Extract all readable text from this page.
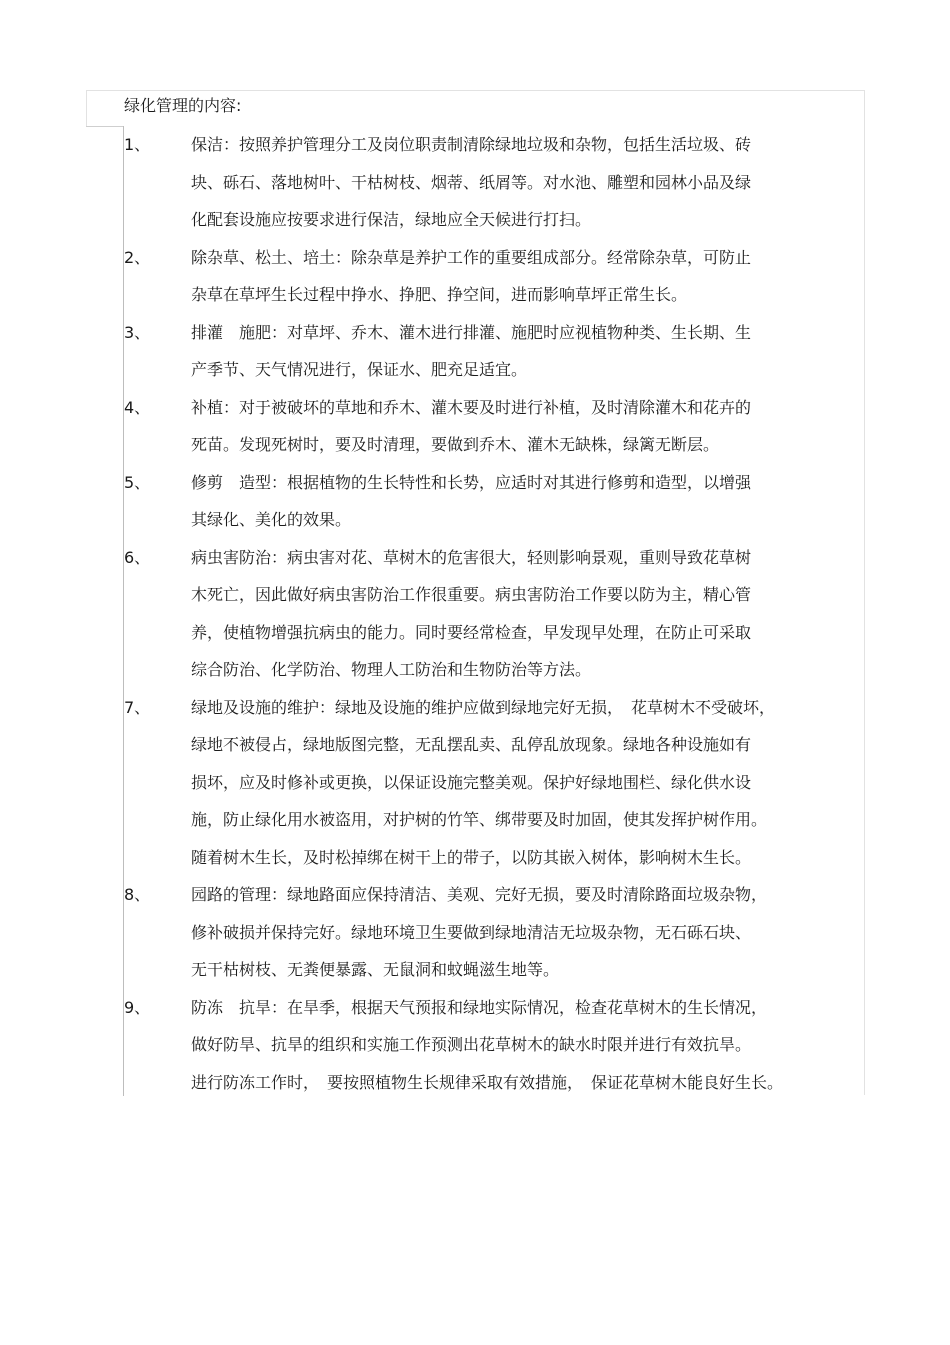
绿化管理的内容:
1、	保洁：按照养护管理分工及岗位职责制清除绿地垃圾和杂物，包括生活垃圾、砖
块、砾石、落地树叶、干枯树枝、烟蒂、纸屑等。对水池、雕塑和园林小品及绿
化配套设施应按要求进行保洁，绿地应全天候进行打扫。
2、	除杂草、松土、培土：除杂草是养护工作的重要组成部分。经常除杂草，可防止
杂草在草坪生长过程中挣水、挣肥、挣空间，进而影响草坪正常生长。
3、	排灌　施肥：对草坪、乔木、灌木进行排灌、施肥时应视植物种类、生长期、生
产季节、天气情况进行，保证水、肥充足适宜。
4、	补植：对于被破坏的草地和乔木、灌木要及时进行补植，及时清除灌木和花卉的
死苗。发现死树时，要及时清理，要做到乔木、灌木无缺株，绿篱无断层。
5、	修剪　造型：根据植物的生长特性和长势，应适时对其进行修剪和造型，以增强
其绿化、美化的效果。
6、	病虫害防治：病虫害对花、草树木的危害很大，轻则影响景观，重则导致花草树
木死亡，因此做好病虫害防治工作很重要。病虫害防治工作要以防为主，精心管
养，使植物增强抗病虫的能力。同时要经常检查，早发现早处理，在防止可采取
综合防治、化学防治、物理人工防治和生物防治等方法。
7、	绿地及设施的维护：绿地及设施的维护应做到绿地完好无损，　花草树木不受破坏，
绿地不被侵占，绿地版图完整，无乱摆乱卖、乱停乱放现象。绿地各种设施如有
损坏，应及时修补或更换，以保证设施完整美观。保护好绿地围栏、绿化供水设
施，防止绿化用水被盗用，对护树的竹竿、绑带要及时加固，使其发挥护树作用。
随着树木生长，及时松掉绑在树干上的带子，以防其嵌入树体，影响树木生长。
8、	园路的管理：绿地路面应保持清洁、美观、完好无损，要及时清除路面垃圾杂物，
修补破损并保持完好。绿地环境卫生要做到绿地清洁无垃圾杂物，无石砾石块、
无干枯树枝、无粪便暴露、无鼠洞和蚊蝇滋生地等。
9、	防冻　抗旱：在旱季，根据天气预报和绿地实际情况，检查花草树木的生长情况，
做好防旱、抗旱的组织和实施工作预测出花草树木的缺水时限并进行有效抗旱。
进行防冻工作时，　要按照植物生长规律采取有效措施，　保证花草树木能良好生长。
